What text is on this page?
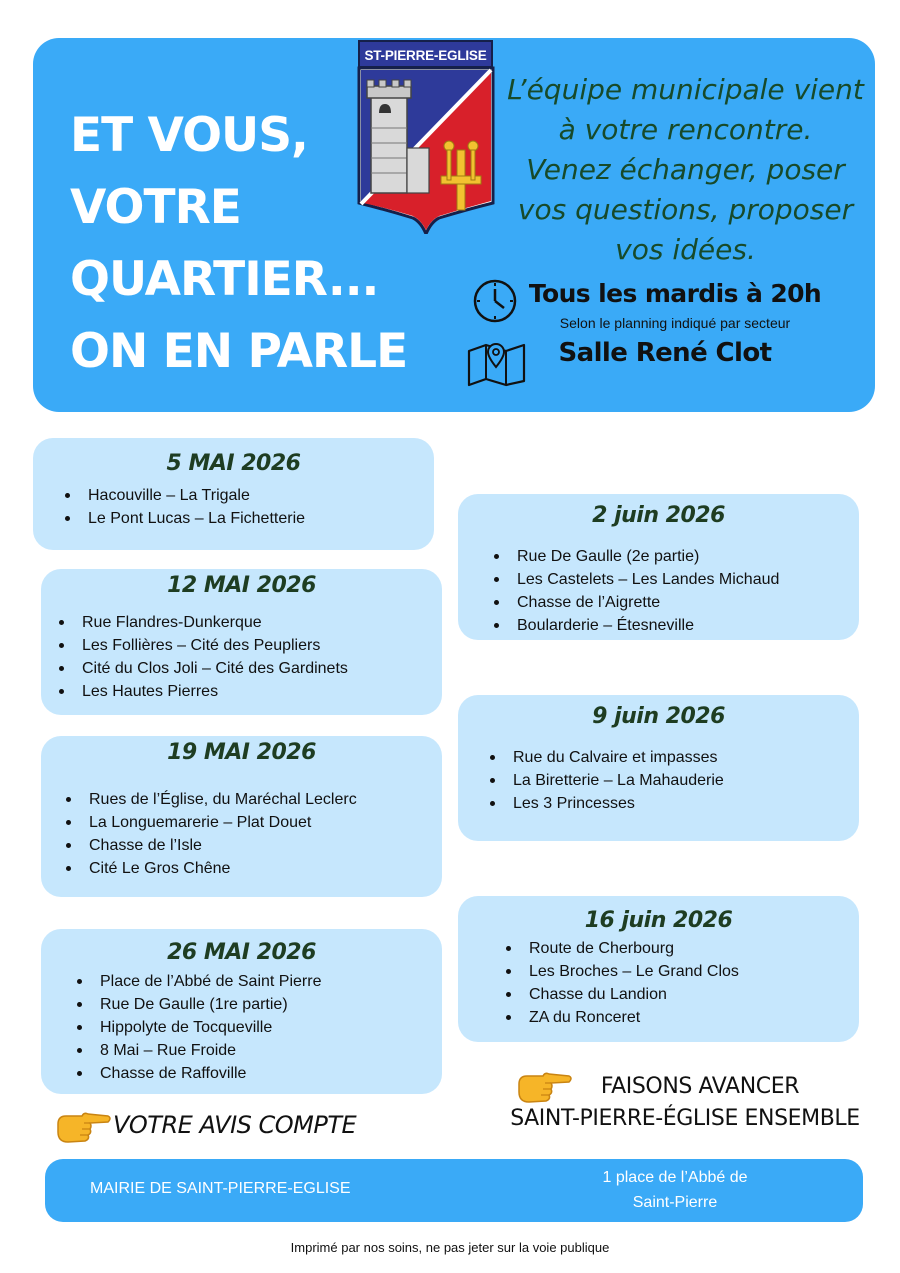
ET VOUS,
VOTRE
QUARTIER...
ON EN PARLE
ST-PIERRE-EGLISE
L’équipe municipale vient
à votre rencontre.
Venez échanger, poser
vos questions, proposer
vos idées.
Tous les mardis à 20h
Selon le planning indiqué par secteur
Salle René Clot
5 MAI 2026
Hacouville – La Trigale
Le Pont Lucas – La Fichetterie
12 MAI 2026
Rue Flandres-Dunkerque
Les Follières – Cité des Peupliers
Cité du Clos Joli – Cité des Gardinets
Les Hautes Pierres
19 MAI 2026
Rues de l’Église, du Maréchal Leclerc
La Longuemarerie – Plat Douet
Chasse de l’Isle
Cité Le Gros Chêne
26 MAI 2026
Place de l’Abbé de Saint Pierre
Rue De Gaulle (1re partie)
Hippolyte de Tocqueville
8 Mai – Rue Froide
Chasse de Raffoville
2 juin 2026
Rue De Gaulle (2e partie)
Les Castelets – Les Landes Michaud
Chasse de l’Aigrette
Boularderie – Étesneville
9 juin 2026
Rue du Calvaire et impasses
La Biretterie – La Mahauderie
Les 3 Princesses
16 juin 2026
Route de Cherbourg
Les Broches – Le Grand Clos
Chasse du Landion
ZA du Ronceret
VOTRE AVIS COMPTE
FAISONS AVANCER
SAINT-PIERRE-ÉGLISE ENSEMBLE
MAIRIE DE SAINT-PIERRE-EGLISE
1 place de l’Abbé de
Saint-Pierre
Imprimé par nos soins, ne pas jeter sur la voie publique
